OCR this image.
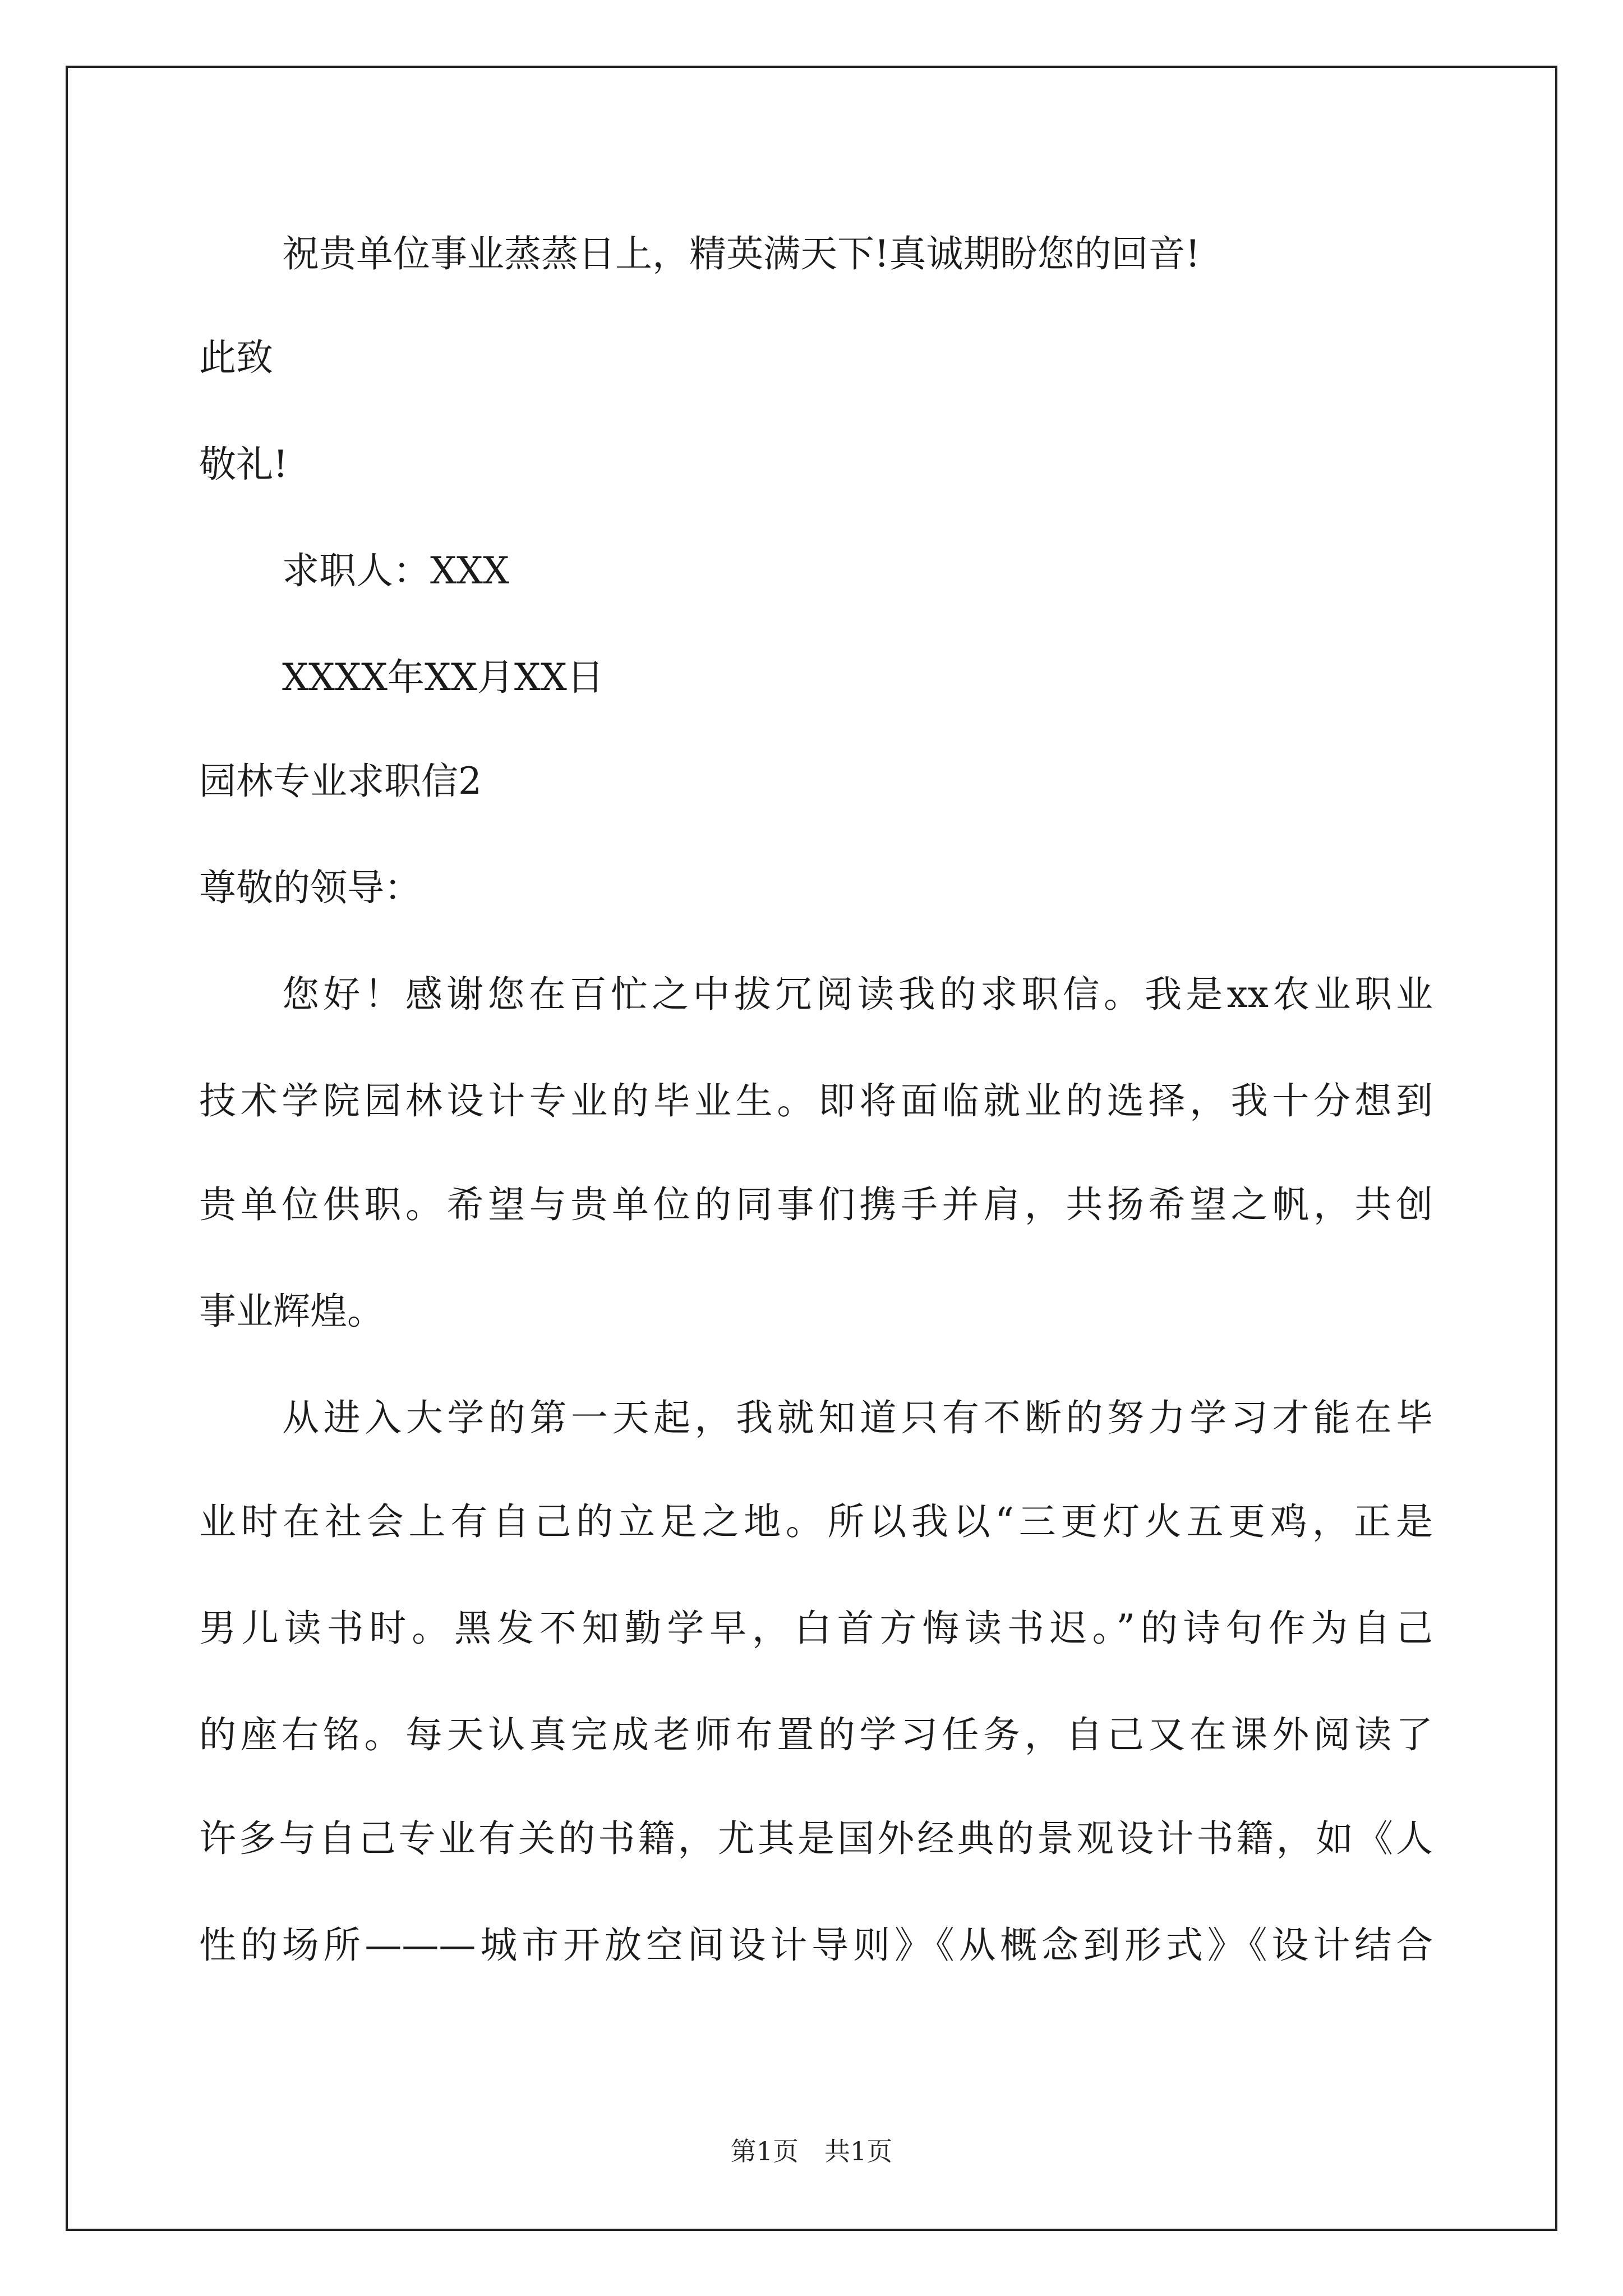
祝贵单位事业蒸蒸日上，精英满天下!真诚期盼您的回音!
此致
敬礼!
求职人：XXX
XXXX年XX月XX日
园林专业求职信2
尊敬的领导：
您好！感谢您在百忙之中拔冗阅读我的求职信。我是xx农业职业
技术学院园林设计专业的毕业生。即将面临就业的选择，我十分想到
贵单位供职。希望与贵单位的同事们携手并肩，共扬希望之帆，共创
事业辉煌。
从进入大学的第一天起，我就知道只有不断的努力学习才能在毕
业时在社会上有自己的立足之地。所以我以“三更灯火五更鸡，正是
男儿读书时。黑发不知勤学早，白首方悔读书迟。”的诗句作为自己
的座右铭。每天认真完成老师布置的学习任务，自己又在课外阅读了
许多与自己专业有关的书籍，尤其是国外经典的景观设计书籍，如《人
性的场所———城市开放空间设计导则》《从概念到形式》《设计结合
第1页　共1页
